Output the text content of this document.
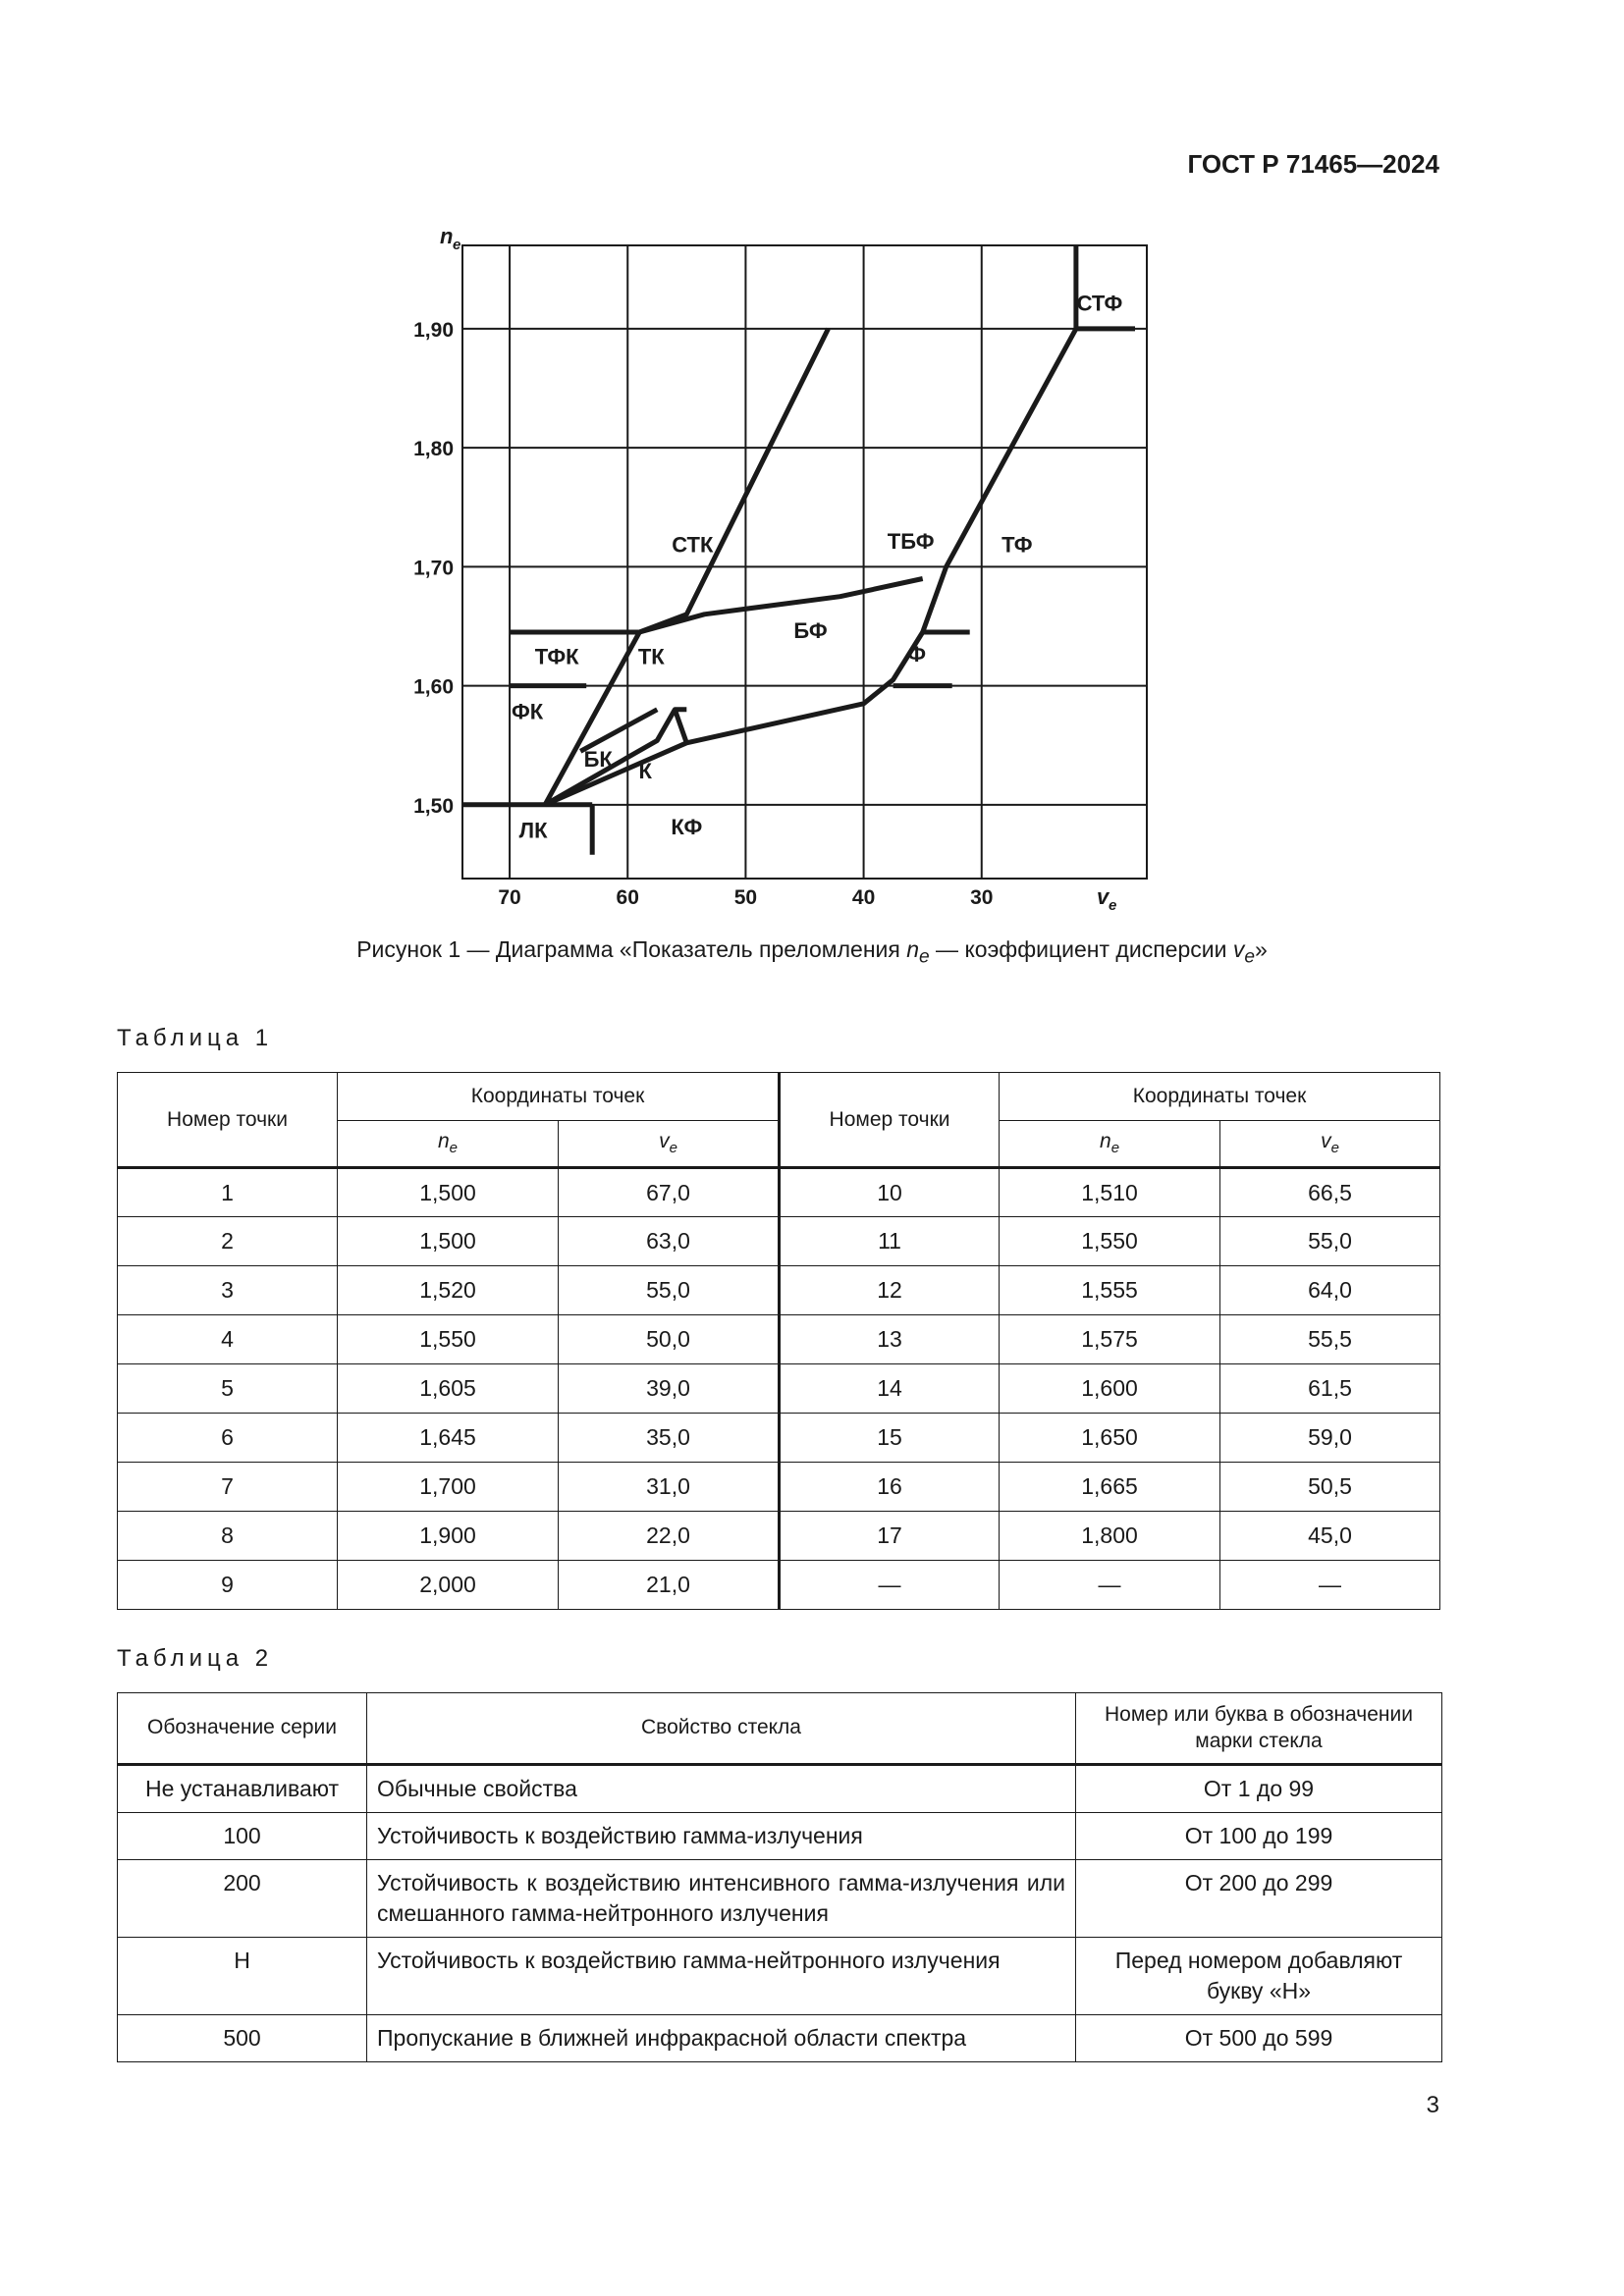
ГОСТ Р 71465—2024
70	60	50	40	30
1,50
1,60
1,70
1,80
1,90
n e
v e
СТФ
СТК	ТБФ	ТФ
БФ
ТФК	ТК	Ф
ФК
БК К
ЛК	КФ
Рисунок 1 — Диаграмма «Показатель преломления $n_e$ — коэффициент дисперсии $v_e$»
Таблица 1
Номер точки	Координаты точек		Номер точки	Координаты точек	
	$n_e$	$v_e$		$n_e$	$v_e$
1	1,500	67,0	10	1,510	66,5
2	1,500	63,0	11	1,550	55,0
3	1,520	55,0	12	1,555	64,0
4	1,550	50,0	13	1,575	55,5
5	1,605	39,0	14	1,600	61,5
6	1,645	35,0	15	1,650	59,0
7	1,700	31,0	16	1,665	50,5
8	1,900	22,0	17	1,800	45,0
9	2,000	21,0	—	—	—
Таблица 2
Обозначение серии	Свойство стекла	Номер или буква в обозначении марки стекла
Не устанавливают	Обычные свойства	От 1 до 99
100	Устойчивость к воздействию гамма-излучения	От 100 до 199
200	Устойчивость к воздействию интенсивного гамма-излучения или смешанного гамма-нейтронного излучения	От 200 до 299
Н	Устойчивость к воздействию гамма-нейтронного излучения	Перед номером добавляют букву «Н»
500	Пропускание в ближней инфракрасной области спектра	От 500 до 599
3
